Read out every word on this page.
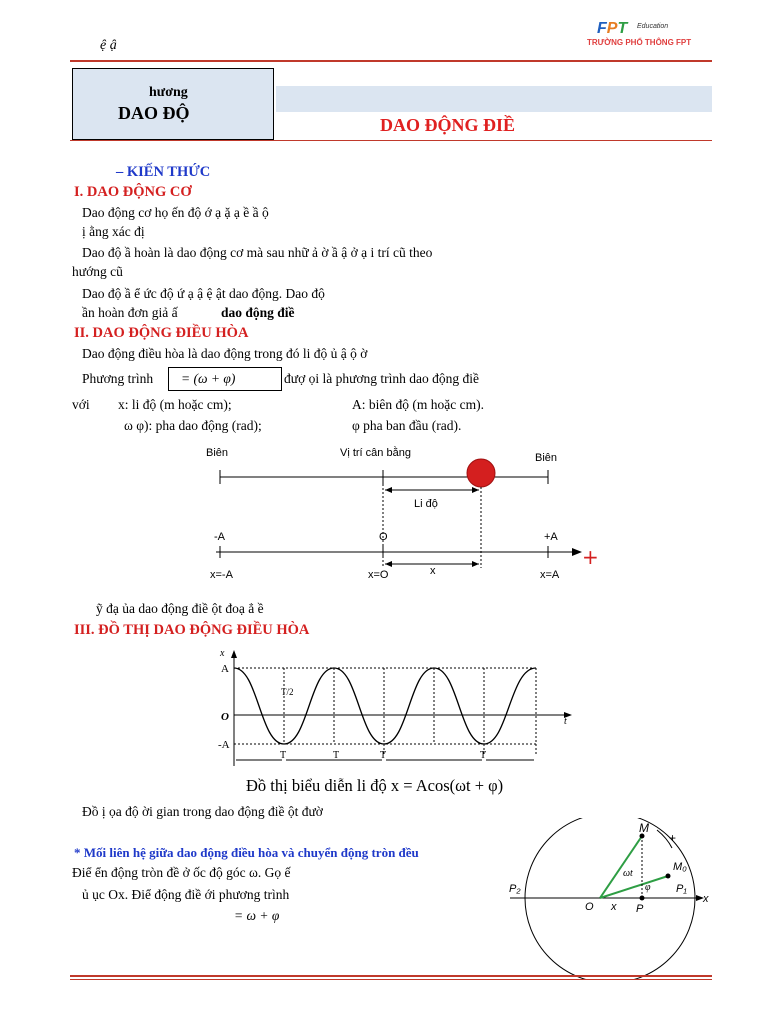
ệ ậ
FPT Education
TRƯỜNG PHỔ THÔNG FPT
hương
DAO ĐỘ
DAO ĐỘNG ĐIỀ
– KIẾN THỨC
I. DAO ĐỘNG CƠ
Dao động cơ họ ến độ ớ ạ ặ ạ ề ầ ộ
ị ằng xác đị
Dao độ ầ hoàn là dao động cơ mà sau nhữ ả ờ ầ ậ ở ạ i trí cũ theo
hướng cũ
Dao độ ầ ể ức độ ứ ạ ậ ệ ật dao động. Dao độ
ần hoàn đơn giả ấ	dao động điề
II. DAO ĐỘNG ĐIỀU HÒA
Dao động điều hòa là dao động trong đó li độ ủ ậ ộ ờ
Phương trình = (ω + φ)	đượ ọi là phương trình dao động điề
với x: li độ (m hoặc cm);	A: biên độ (m hoặc cm).
ω φ): pha dao động (rad);	φ pha ban đầu (rad).
Biên	Vị trí cân bằng	Biên
Li độ
-A	O	+A
+
x
x=-A	x=O	x=A
ỹ đạ ủa dao động điề ột đoạ ẳ ề
III. ĐỒ THỊ DAO ĐỘNG ĐIỀU HÒA
x
t
A
O
-A
T/2
T	T	T	T
Đồ thị biểu diễn li độ x = Acos(ωt + φ)
Đồ ị ọa độ ời gian trong dao động điề ột đườ
* Mối liên hệ giữa dao động điều hòa và chuyển động tròn đều
Điể ển động tròn đề ở ốc độ góc ω. Gọ ế
ủ ục Ox. Điể động điề ới phương trình
= ω + φ
M
M₀
+
ωt
φ P₁
P₂
O x P
x
